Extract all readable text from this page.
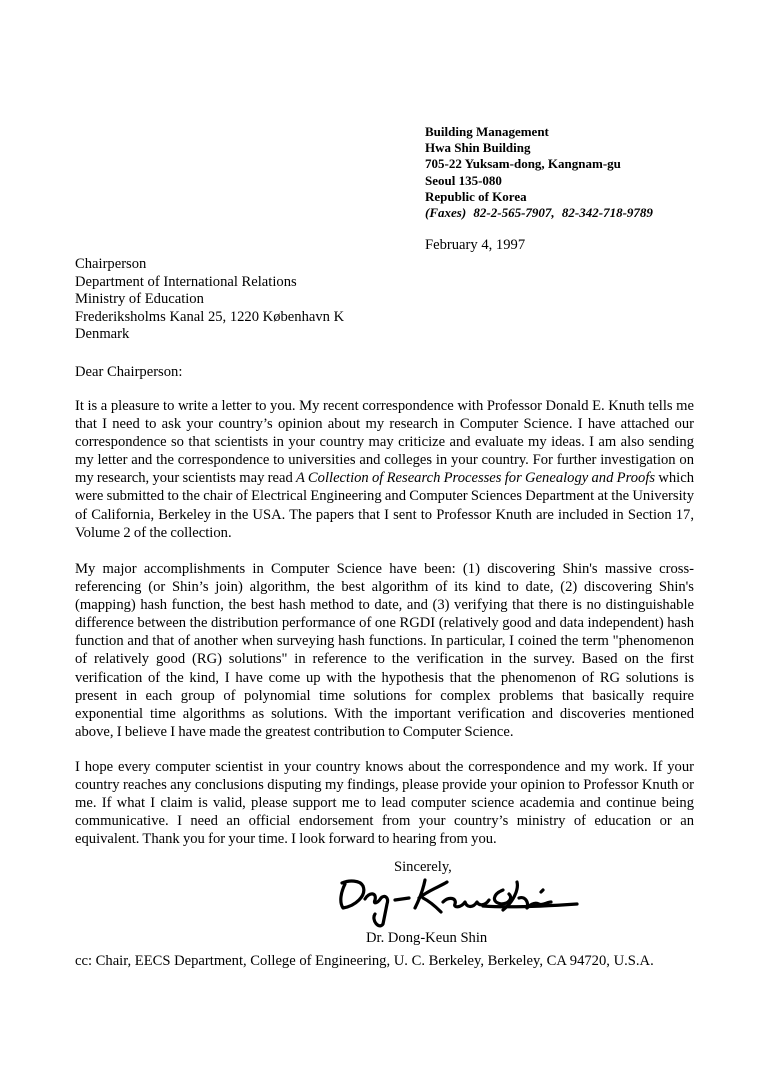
Building Management
Hwa Shin Building
705-22 Yuksam-dong, Kangnam-gu
Seoul 135-080
Republic of Korea
(Faxes) 82-2-565-7907, 82-342-718-9789
February 4, 1997
Chairperson
Department of International Relations
Ministry of Education
Frederiksholms Kanal 25, 1220 København K
Denmark
Dear Chairperson:

It is a pleasure to write a letter to you. My recent correspondence with Professor Donald E. Knuth tells me that I need to ask your country’s opinion about my research in Computer Science. I have attached our correspondence so that scientists in your country may criticize and evaluate my ideas. I am also sending my letter and the correspondence to universities and colleges in your country. For further investigation on my research, your scientists may read A Collection of Research Processes for Genealogy and Proofs which were submitted to the chair of Electrical Engineering and Computer Sciences Department at the University of California, Berkeley in the USA. The papers that I sent to Professor Knuth are included in Section 17, Volume 2 of the collection.

My major accomplishments in Computer Science have been: (1) discovering Shin's massive cross-referencing (or Shin’s join) algorithm, the best algorithm of its kind to date, (2) discovering Shin's (mapping) hash function, the best hash method to date, and (3) verifying that there is no distinguishable difference between the distribution performance of one RGDI (relatively good and data independent) hash function and that of another when surveying hash functions. In particular, I coined the term "phenomenon of relatively good (RG) solutions" in reference to the verification in the survey. Based on the first verification of the kind, I have come up with the hypothesis that the phenomenon of RG solutions is present in each group of polynomial time solutions for complex problems that basically require exponential time algorithms as solutions. With the important verification and discoveries mentioned above, I believe I have made the greatest contribution to Computer Science.

I hope every computer scientist in your country knows about the correspondence and my work. If your country reaches any conclusions disputing my findings, please provide your opinion to Professor Knuth or me. If what I claim is valid, please support me to lead computer science academia and continue being communicative. I need an official endorsement from your country’s ministry of education or an equivalent. Thank you for your time. I look forward to hearing from you.

Sincerely,
Dr. Dong-Keun Shin
cc: Chair, EECS Department, College of Engineering, U. C. Berkeley, Berkeley, CA 94720, U.S.A.
